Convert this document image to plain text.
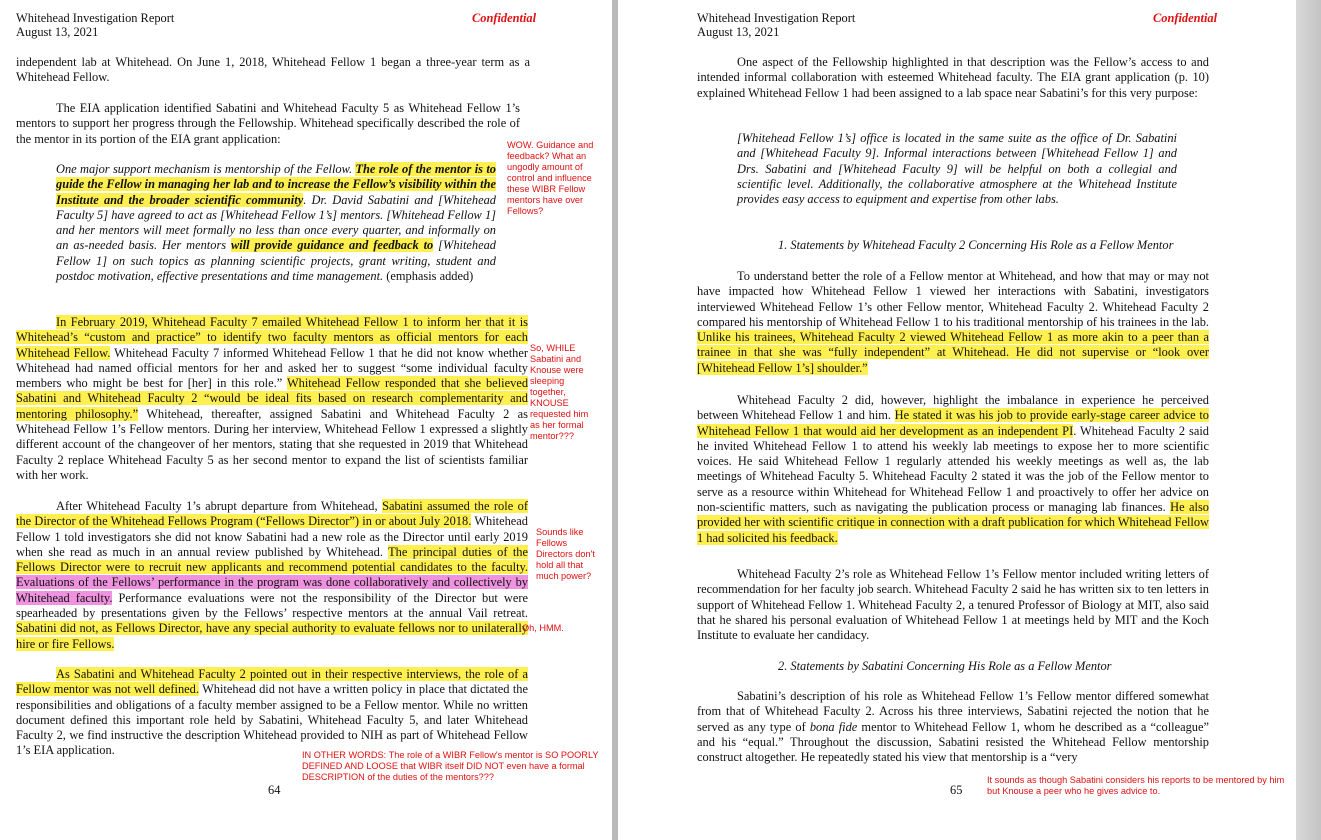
Whitehead Investigation Report
August 13, 2021
Confidential

independent lab at Whitehead. On June 1, 2018, Whitehead Fellow 1 began a three-year term as a Whitehead Fellow.

The EIA application identified Sabatini and Whitehead Faculty 5 as Whitehead Fellow 1’s mentors to support her progress through the Fellowship. Whitehead specifically described the role of the mentor in its portion of the EIA grant application:

One major support mechanism is mentorship of the Fellow. The role of the mentor is to guide the Fellow in managing her lab and to increase the Fellow’s visibility within the Institute and the broader scientific community. Dr. David Sabatini and [Whitehead Faculty 5] have agreed to act as [Whitehead Fellow 1’s] mentors. [Whitehead Fellow 1] and her mentors will meet formally no less than once every quarter, and informally on an as-needed basis. Her mentors will provide guidance and feedback to [Whitehead Fellow 1] on such topics as planning scientific projects, grant writing, student and postdoc motivation, effective presentations and time management. (emphasis added)

In February 2019, Whitehead Faculty 7 emailed Whitehead Fellow 1 to inform her that it is Whitehead’s “custom and practice” to identify two faculty mentors as official mentors for each Whitehead Fellow. Whitehead Faculty 7 informed Whitehead Fellow 1 that he did not know whether Whitehead had named official mentors for her and asked her to suggest “some individual faculty members who might be best for [her] in this role.” Whitehead Fellow responded that she believed Sabatini and Whitehead Faculty 2 “would be ideal fits based on research complementarity and mentoring philosophy.” Whitehead, thereafter, assigned Sabatini and Whitehead Faculty 2 as Whitehead Fellow 1’s Fellow mentors. During her interview, Whitehead Fellow 1 expressed a slightly different account of the changeover of her mentors, stating that she requested in 2019 that Whitehead Faculty 2 replace Whitehead Faculty 5 as her second mentor to expand the list of scientists familiar with her work.

After Whitehead Faculty 1’s abrupt departure from Whitehead, Sabatini assumed the role of the Director of the Whitehead Fellows Program (“Fellows Director”) in or about July 2018. Whitehead Fellow 1 told investigators she did not know Sabatini had a new role as the Director until early 2019 when she read as much in an annual review published by Whitehead. The principal duties of the Fellows Director were to recruit new applicants and recommend potential candidates to the faculty. Evaluations of the Fellows’ performance in the program was done collaboratively and collectively by Whitehead faculty. Performance evaluations were not the responsibility of the Director but were spearheaded by presentations given by the Fellows’ respective mentors at the annual Vail retreat. Sabatini did not, as Fellows Director, have any special authority to evaluate fellows nor to unilaterally hire or fire Fellows.

As Sabatini and Whitehead Faculty 2 pointed out in their respective interviews, the role of a Fellow mentor was not well defined. Whitehead did not have a written policy in place that dictated the responsibilities and obligations of a faculty member assigned to be a Fellow mentor. While no written document defined this important role held by Sabatini, Whitehead Faculty 5, and later Whitehead Faculty 2, we find instructive the description Whitehead provided to NIH as part of Whitehead Fellow 1’s EIA application.

64

WOW. Guidance and feedback? What an ungodly amount of control and influence these WIBR Fellow mentors have over Fellows?

So, WHILE Sabatini and Knouse were sleeping together, KNOUSE requested him as her formal mentor???

Sounds like Fellows Directors don't hold all that much power?

Oh, HMM.

IN OTHER WORDS: The role of a WIBR Fellow's mentor is SO POORLY DEFINED AND LOOSE that WIBR itself DID NOT even have a formal DESCRIPTION of the duties of the mentors???

Whitehead Investigation Report
August 13, 2021
Confidential

One aspect of the Fellowship highlighted in that description was the Fellow’s access to and intended informal collaboration with esteemed Whitehead faculty. The EIA grant application (p. 10) explained Whitehead Fellow 1 had been assigned to a lab space near Sabatini’s for this very purpose:

[Whitehead Fellow 1’s] office is located in the same suite as the office of Dr. Sabatini and [Whitehead Faculty 9]. Informal interactions between [Whitehead Fellow 1] and Drs. Sabatini and [Whitehead Faculty 9] will be helpful on both a collegial and scientific level. Additionally, the collaborative atmosphere at the Whitehead Institute provides easy access to equipment and expertise from other labs.

1. Statements by Whitehead Faculty 2 Concerning His Role as a Fellow Mentor

To understand better the role of a Fellow mentor at Whitehead, and how that may or may not have impacted how Whitehead Fellow 1 viewed her interactions with Sabatini, investigators interviewed Whitehead Fellow 1’s other Fellow mentor, Whitehead Faculty 2. Whitehead Faculty 2 compared his mentorship of Whitehead Fellow 1 to his traditional mentorship of his trainees in the lab. Unlike his trainees, Whitehead Faculty 2 viewed Whitehead Fellow 1 as more akin to a peer than a trainee in that she was “fully independent” at Whitehead. He did not supervise or “look over [Whitehead Fellow 1’s] shoulder.”

Whitehead Faculty 2 did, however, highlight the imbalance in experience he perceived between Whitehead Fellow 1 and him. He stated it was his job to provide early-stage career advice to Whitehead Fellow 1 that would aid her development as an independent PI. Whitehead Faculty 2 said he invited Whitehead Fellow 1 to attend his weekly lab meetings to expose her to more scientific voices. He said Whitehead Fellow 1 regularly attended his weekly meetings as well as, the lab meetings of Whitehead Faculty 5. Whitehead Faculty 2 stated it was the job of the Fellow mentor to serve as a resource within Whitehead for Whitehead Fellow 1 and proactively to offer her advice on non-scientific matters, such as navigating the publication process or managing lab finances. He also provided her with scientific critique in connection with a draft publication for which Whitehead Fellow 1 had solicited his feedback.

Whitehead Faculty 2’s role as Whitehead Fellow 1’s Fellow mentor included writing letters of recommendation for her faculty job search. Whitehead Faculty 2 said he has written six to ten letters in support of Whitehead Fellow 1. Whitehead Faculty 2, a tenured Professor of Biology at MIT, also said that he shared his personal evaluation of Whitehead Fellow 1 at meetings held by MIT and the Koch Institute to evaluate her candidacy.

2. Statements by Sabatini Concerning His Role as a Fellow Mentor

Sabatini’s description of his role as Whitehead Fellow 1’s Fellow mentor differed somewhat from that of Whitehead Faculty 2. Across his three interviews, Sabatini rejected the notion that he served as any type of bona fide mentor to Whitehead Fellow 1, whom he described as a “colleague” and his “equal.” Throughout the discussion, Sabatini resisted the Whitehead Fellow mentorship construct altogether. He repeatedly stated his view that mentorship is a “very

65

It sounds as though Sabatini considers his reports to be mentored by him but Knouse a peer who he gives advice to.
